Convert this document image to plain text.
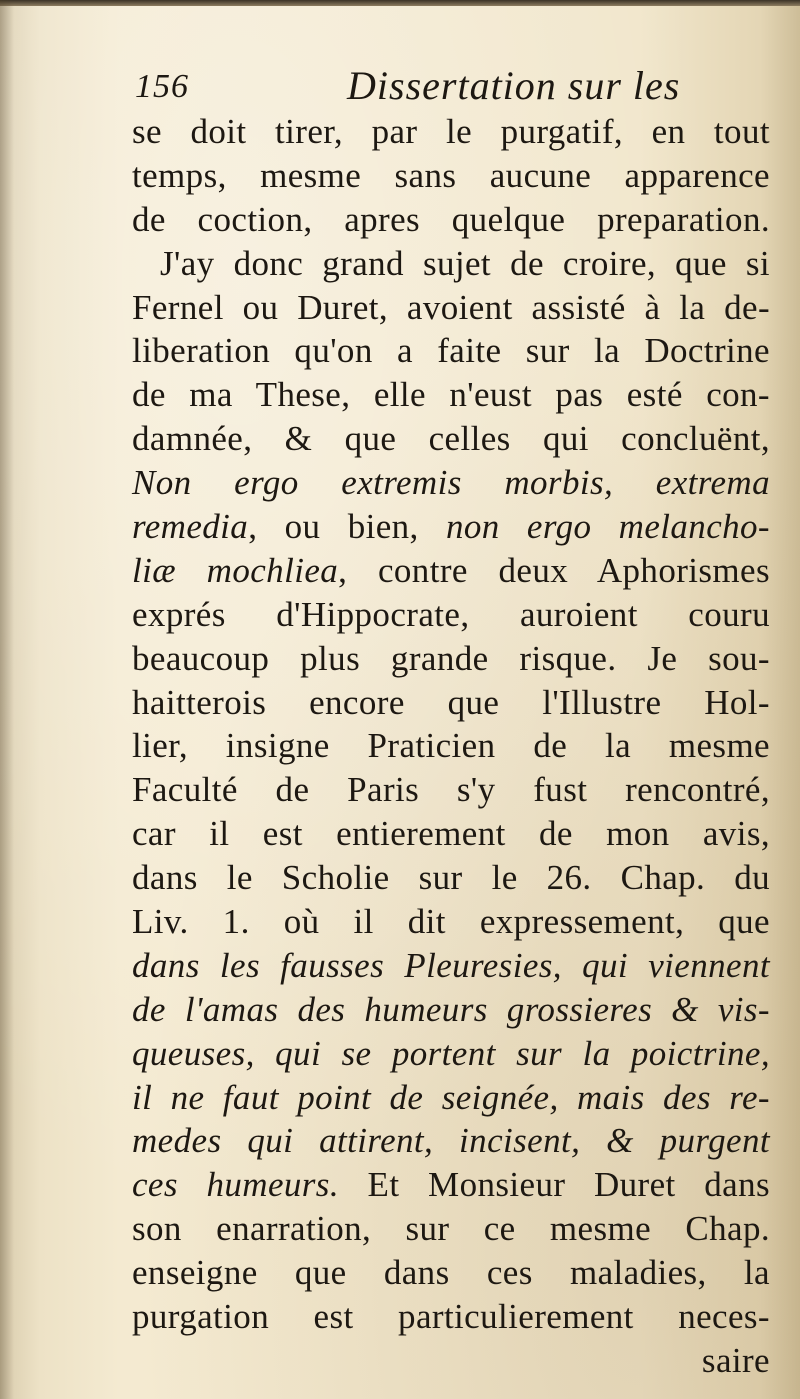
156	Dissertation sur les
se doit tirer, par le purgatif, en tout
temps, mesme sans aucune apparence
de coction, apres quelque preparation.
J'ay donc grand sujet de croire, que si
Fernel ou Duret, avoient assisté à la de-
liberation qu'on a faite sur la Doctrine
de ma These, elle n'eust pas esté con-
damnée, & que celles qui concluënt,
Non ergo extremis morbis, extrema
remedia, ou bien, non ergo melancho-
liæ mochliea, contre deux Aphorismes
exprés d'Hippocrate, auroient couru
beaucoup plus grande risque. Je sou-
haitterois encore que l'Illustre Hol-
lier, insigne Praticien de la mesme
Faculté de Paris s'y fust rencontré,
car il est entierement de mon avis,
dans le Scholie sur le 26. Chap. du
Liv. 1. où il dit expressement, que
dans les fausses Pleuresies, qui viennent
de l'amas des humeurs grossieres & vis-
queuses, qui se portent sur la poictrine,
il ne faut point de seignée, mais des re-
medes qui attirent, incisent, & purgent
ces humeurs. Et Monsieur Duret dans
son enarration, sur ce mesme Chap.
enseigne que dans ces maladies, la
purgation est particulierement neces-
saire
